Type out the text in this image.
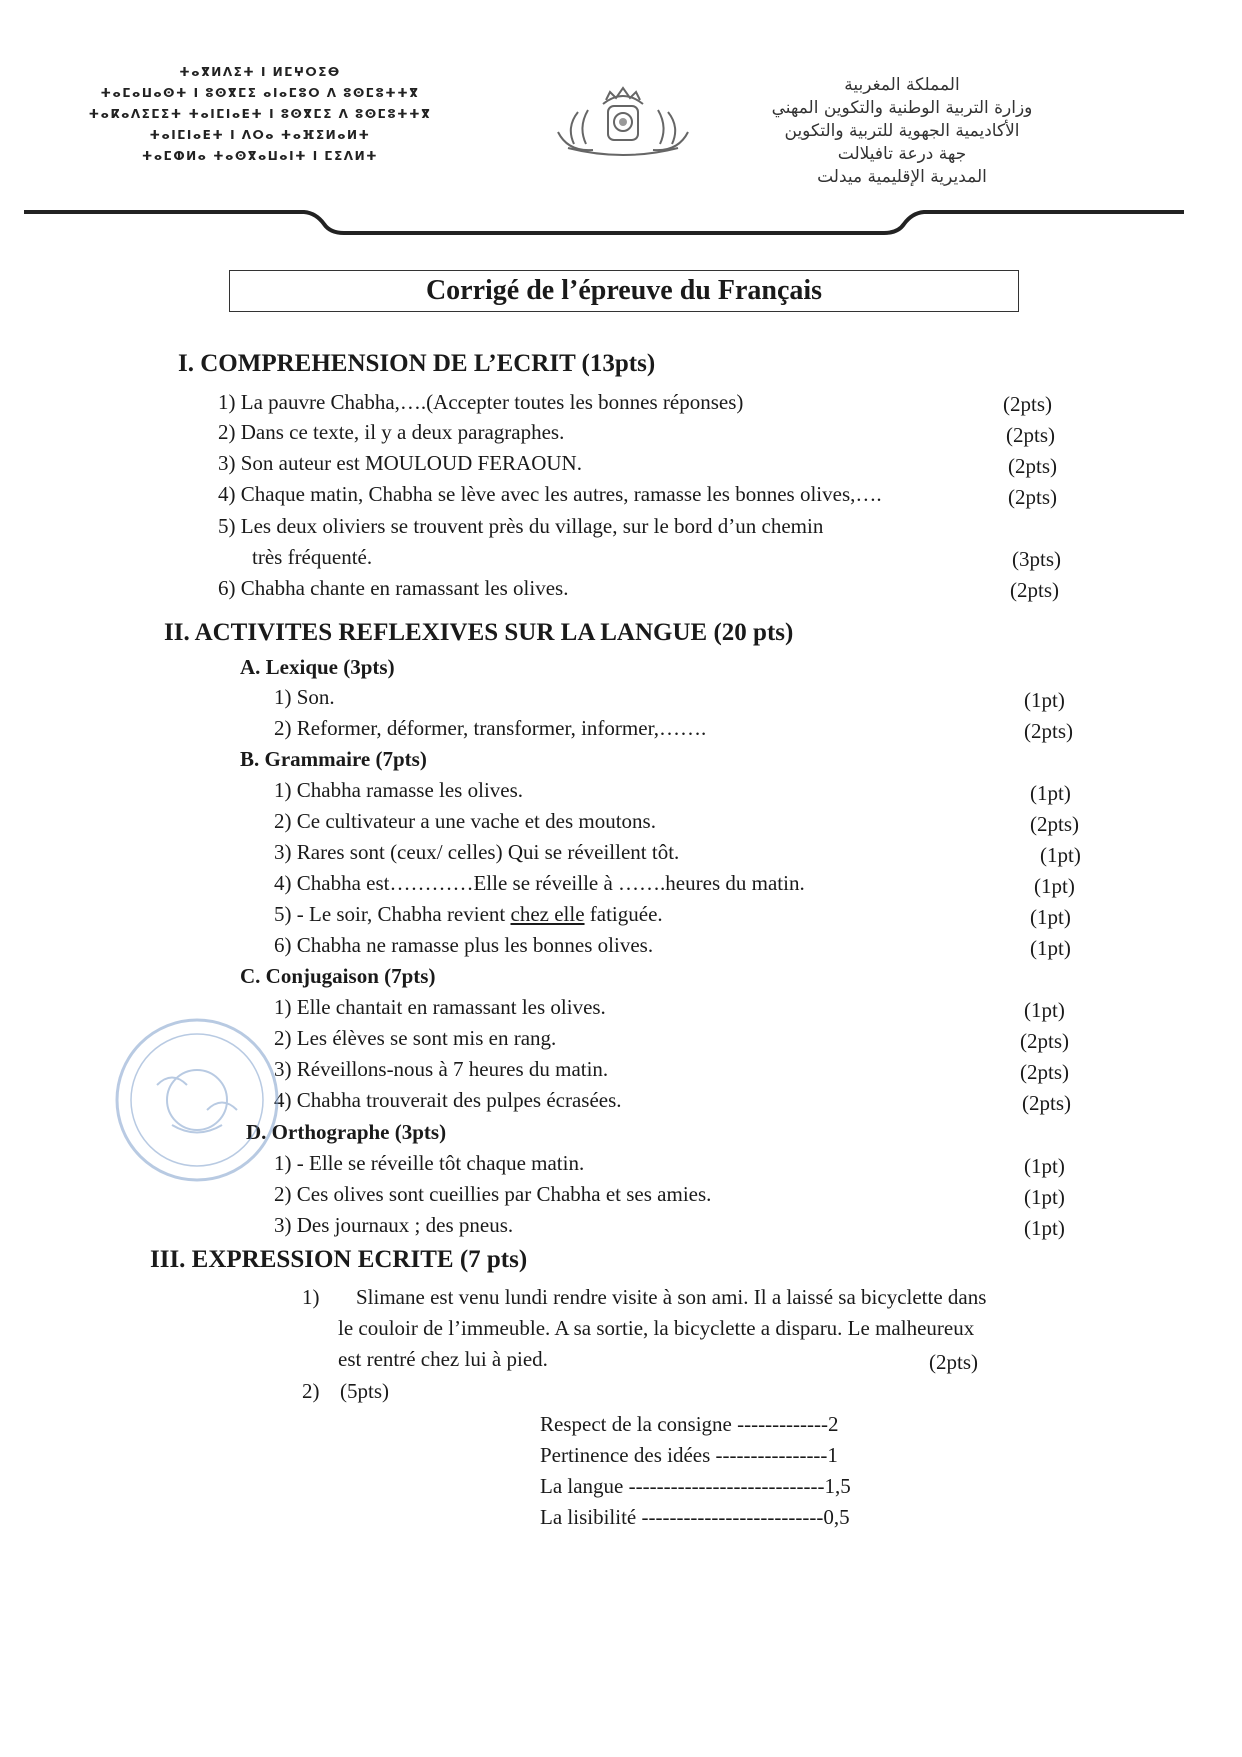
ⵜⴰⴳⵍⴷⵉⵜ ⵏ ⵍⵎⵖⵔⵉⴱ
ⵜⴰⵎⴰⵡⴰⵙⵜ ⵏ ⵓⵙⴳⵎⵉ ⴰⵏⴰⵎⵓⵔ ⴷ ⵓⵙⵎⵓⵜⵜⴳ
ⵜⴰⴽⴰⴷⵉⵎⵉⵜ ⵜⴰⵏⵎⵏⴰⴹⵜ ⵏ ⵓⵙⴳⵎⵉ ⴷ ⵓⵙⵎⵓⵜⵜⴳ
ⵜⴰⵏⵎⵏⴰⴹⵜ ⵏ ⴷⵔⴰ ⵜⴰⴼⵉⵍⴰⵍⵜ
ⵜⴰⵎⵀⵍⴰ ⵜⴰⵙⴳⴰⵡⴰⵏⵜ ⵏ ⵎⵉⴷⵍⵜ
المملكة المغربية
وزارة التربية الوطنية والتكوين المهني
الأكاديمية الجهوية للتربية والتكوين
جهة درعة تافيلالت
المديرية الإقليمية ميدلت
Corrigé de l’épreuve du Français
I. COMPREHENSION DE L’ECRIT (13pts)
1) La pauvre Chabha,….(Accepter toutes les bonnes réponses)	(2pts)
2) Dans ce texte, il y a deux paragraphes.	(2pts)
3) Son auteur est MOULOUD FERAOUN.	(2pts)
4) Chaque matin, Chabha se lève avec les autres, ramasse les bonnes olives,….	(2pts)
5) Les deux oliviers se trouvent près du village, sur le bord d’un chemin
très fréquenté.	(3pts)
6) Chabha chante en ramassant les olives.	(2pts)
II. ACTIVITES REFLEXIVES SUR LA LANGUE (20 pts)
A. Lexique (3pts)
1) Son.	(1pt)
2) Reformer, déformer, transformer, informer,…….	(2pts)
B. Grammaire (7pts)
1) Chabha ramasse les olives.	(1pt)
2) Ce cultivateur a une vache et des moutons.	(2pts)
3) Rares sont (ceux/ celles) Qui se réveillent tôt.	(1pt)
4) Chabha est…………Elle se réveille à …….heures du matin.	(1pt)
5) - Le soir, Chabha revient chez elle fatiguée.	(1pt)
6) Chabha ne ramasse plus les bonnes olives.	(1pt)
C. Conjugaison (7pts)
1) Elle chantait en ramassant les olives.	(1pt)
2) Les élèves se sont mis en rang.	(2pts)
3) Réveillons-nous à 7 heures du matin.	(2pts)
4) Chabha trouverait des pulpes écrasées.	(2pts)
D. Orthographe (3pts)
1) - Elle se réveille tôt chaque matin.	(1pt)
2) Ces olives sont cueillies par Chabha et ses amies.	(1pt)
3) Des journaux ; des pneus.	(1pt)
III. EXPRESSION ECRITE (7 pts)
1) Slimane est venu lundi rendre visite à son ami. Il a laissé sa bicyclette dans
le couloir de l’immeuble. A sa sortie, la bicyclette a disparu. Le malheureux
est rentré chez lui à pied.	(2pts)
2) (5pts)
Respect de la consigne -------------2
Pertinence des idées ----------------1
La langue ----------------------------1,5
La lisibilité --------------------------0,5
